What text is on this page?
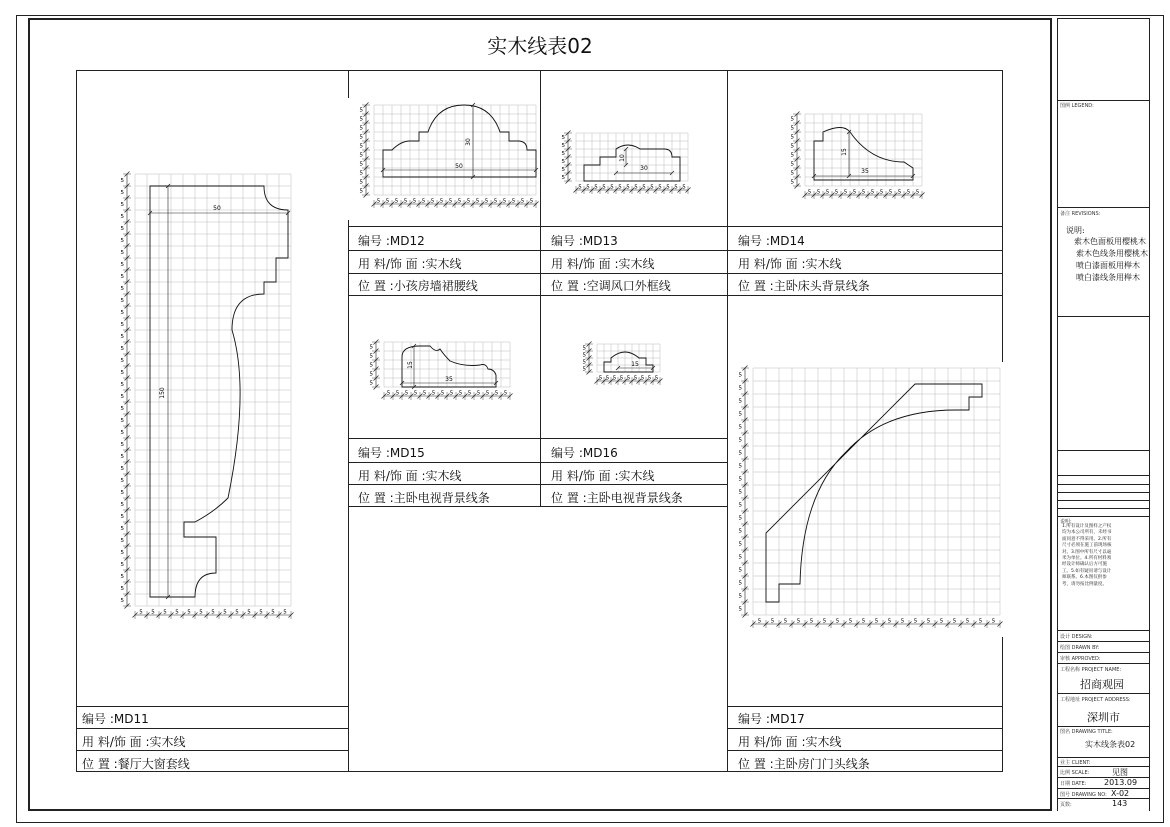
实木线表02
5
5
5
5
5
5
5
5
5
5
5
5
5
5
5
5
5
5
5
5
5
5
5
5
5
5
5
5
5
5
5
5
5
5
5
5
5 5 5 5 5 5 5 5 5 5 5 5 5
50
150
5
5
5
5
5
5
5
5
5
5
5 5 5 5 5 5 5 5 5 5 5 5 5 5 5 5 5 5
50
30
5
5
5
5
5
5
5 5 5 5 5 5 5 5 5 5 5 5 5 5
30
10
5
5
5
5
5
5
5
5
5 5 5 5 5 5 5 5 5 5 5 5 5
35
15
5
5
5
5
5
5 5 5 5 5 5 5 5 5 5 5 5 5 5
35
15
5
5
5
5
5 5 5 5 5 5 5 5 5
15
5
5
5
5
5
5
5
5
5
5
5
5
5
5
5
5
5
5
5
5 5 5 5 5 5 5 5 5 5 5 5 5 5 5 5 5 5 5
编号 :MD11
用 料/饰 面 :实木线
位 置 :餐厅大窗套线
编号 :MD12
用 料/饰 面 :实木线
位 置 :小孩房墙裙腰线
编号 :MD13
用 料/饰 面 :实木线
位 置 :空调风口外框线
编号 :MD14
用 料/饰 面 :实木线
位 置 :主卧床头背景线条
编号 :MD15
用 料/饰 面 :实木线
位 置 :主卧电视背景线条
编号 :MD16
用 料/饰 面 :实木线
位 置 :主卧电视背景线条
编号 :MD17
用 料/饰 面 :实木线
位 置 :主卧房门门头线条
图例 LEGEND:
备注 REVISIONS:
说明:
索木色面板用樱桃木
索木色线条用樱桃木
喷白漆面板用榉木
喷白漆线条用榉木
说明:
1.所有设计及图样之产权均为本公司所有，未经书面同意不得采用。2.所有尺寸必须在施工前现场核对。3.图中所有尺寸以毫米为单位。4.所有材料须经设计师确认后方可施工。5.如有疑问请与设计师联系。6.本图仅供参考，请勿按比例量度。
设计 DESIGN:
绘图 DRAWN BY:
审核 APPROVED:
工程名称 PROJECT NAME:
招商观园
工程地址 PROJECT ADDRESS:
深圳市
图名 DRAWING TITLE:
实木线条表02
业主 CLIENT:
比例 SCALE:	见图
日期 DATE: 2013.09
图号 DRAWING NO: X-02
页数:	143
